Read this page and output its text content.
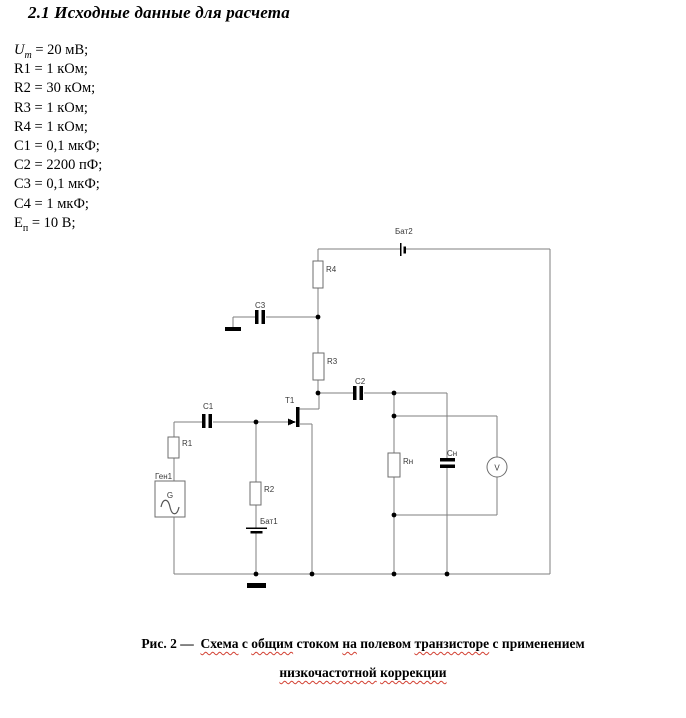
2.1 Исходные данные для расчета
$U_m = 20$ мВ;
R1 = 1 кОм;
R2 = 30 кОм;
R3 = 1 кОм;
R4 = 1 кОм;
C1 = 0,1 мкФ;
C2 = 2200 пФ;
C3 = 0,1 мкФ;
C4 = 1 мкФ;
$Е_п = 10$ В;
R4
R3
R1
R2
Rн
C1
C2
C3
Сн
Бат2
Бат1
T1
G
Ген1
V
Рис. 2 —  Схема с общим стоком на полевом транзисторе с применением
низкочастотной коррекции
